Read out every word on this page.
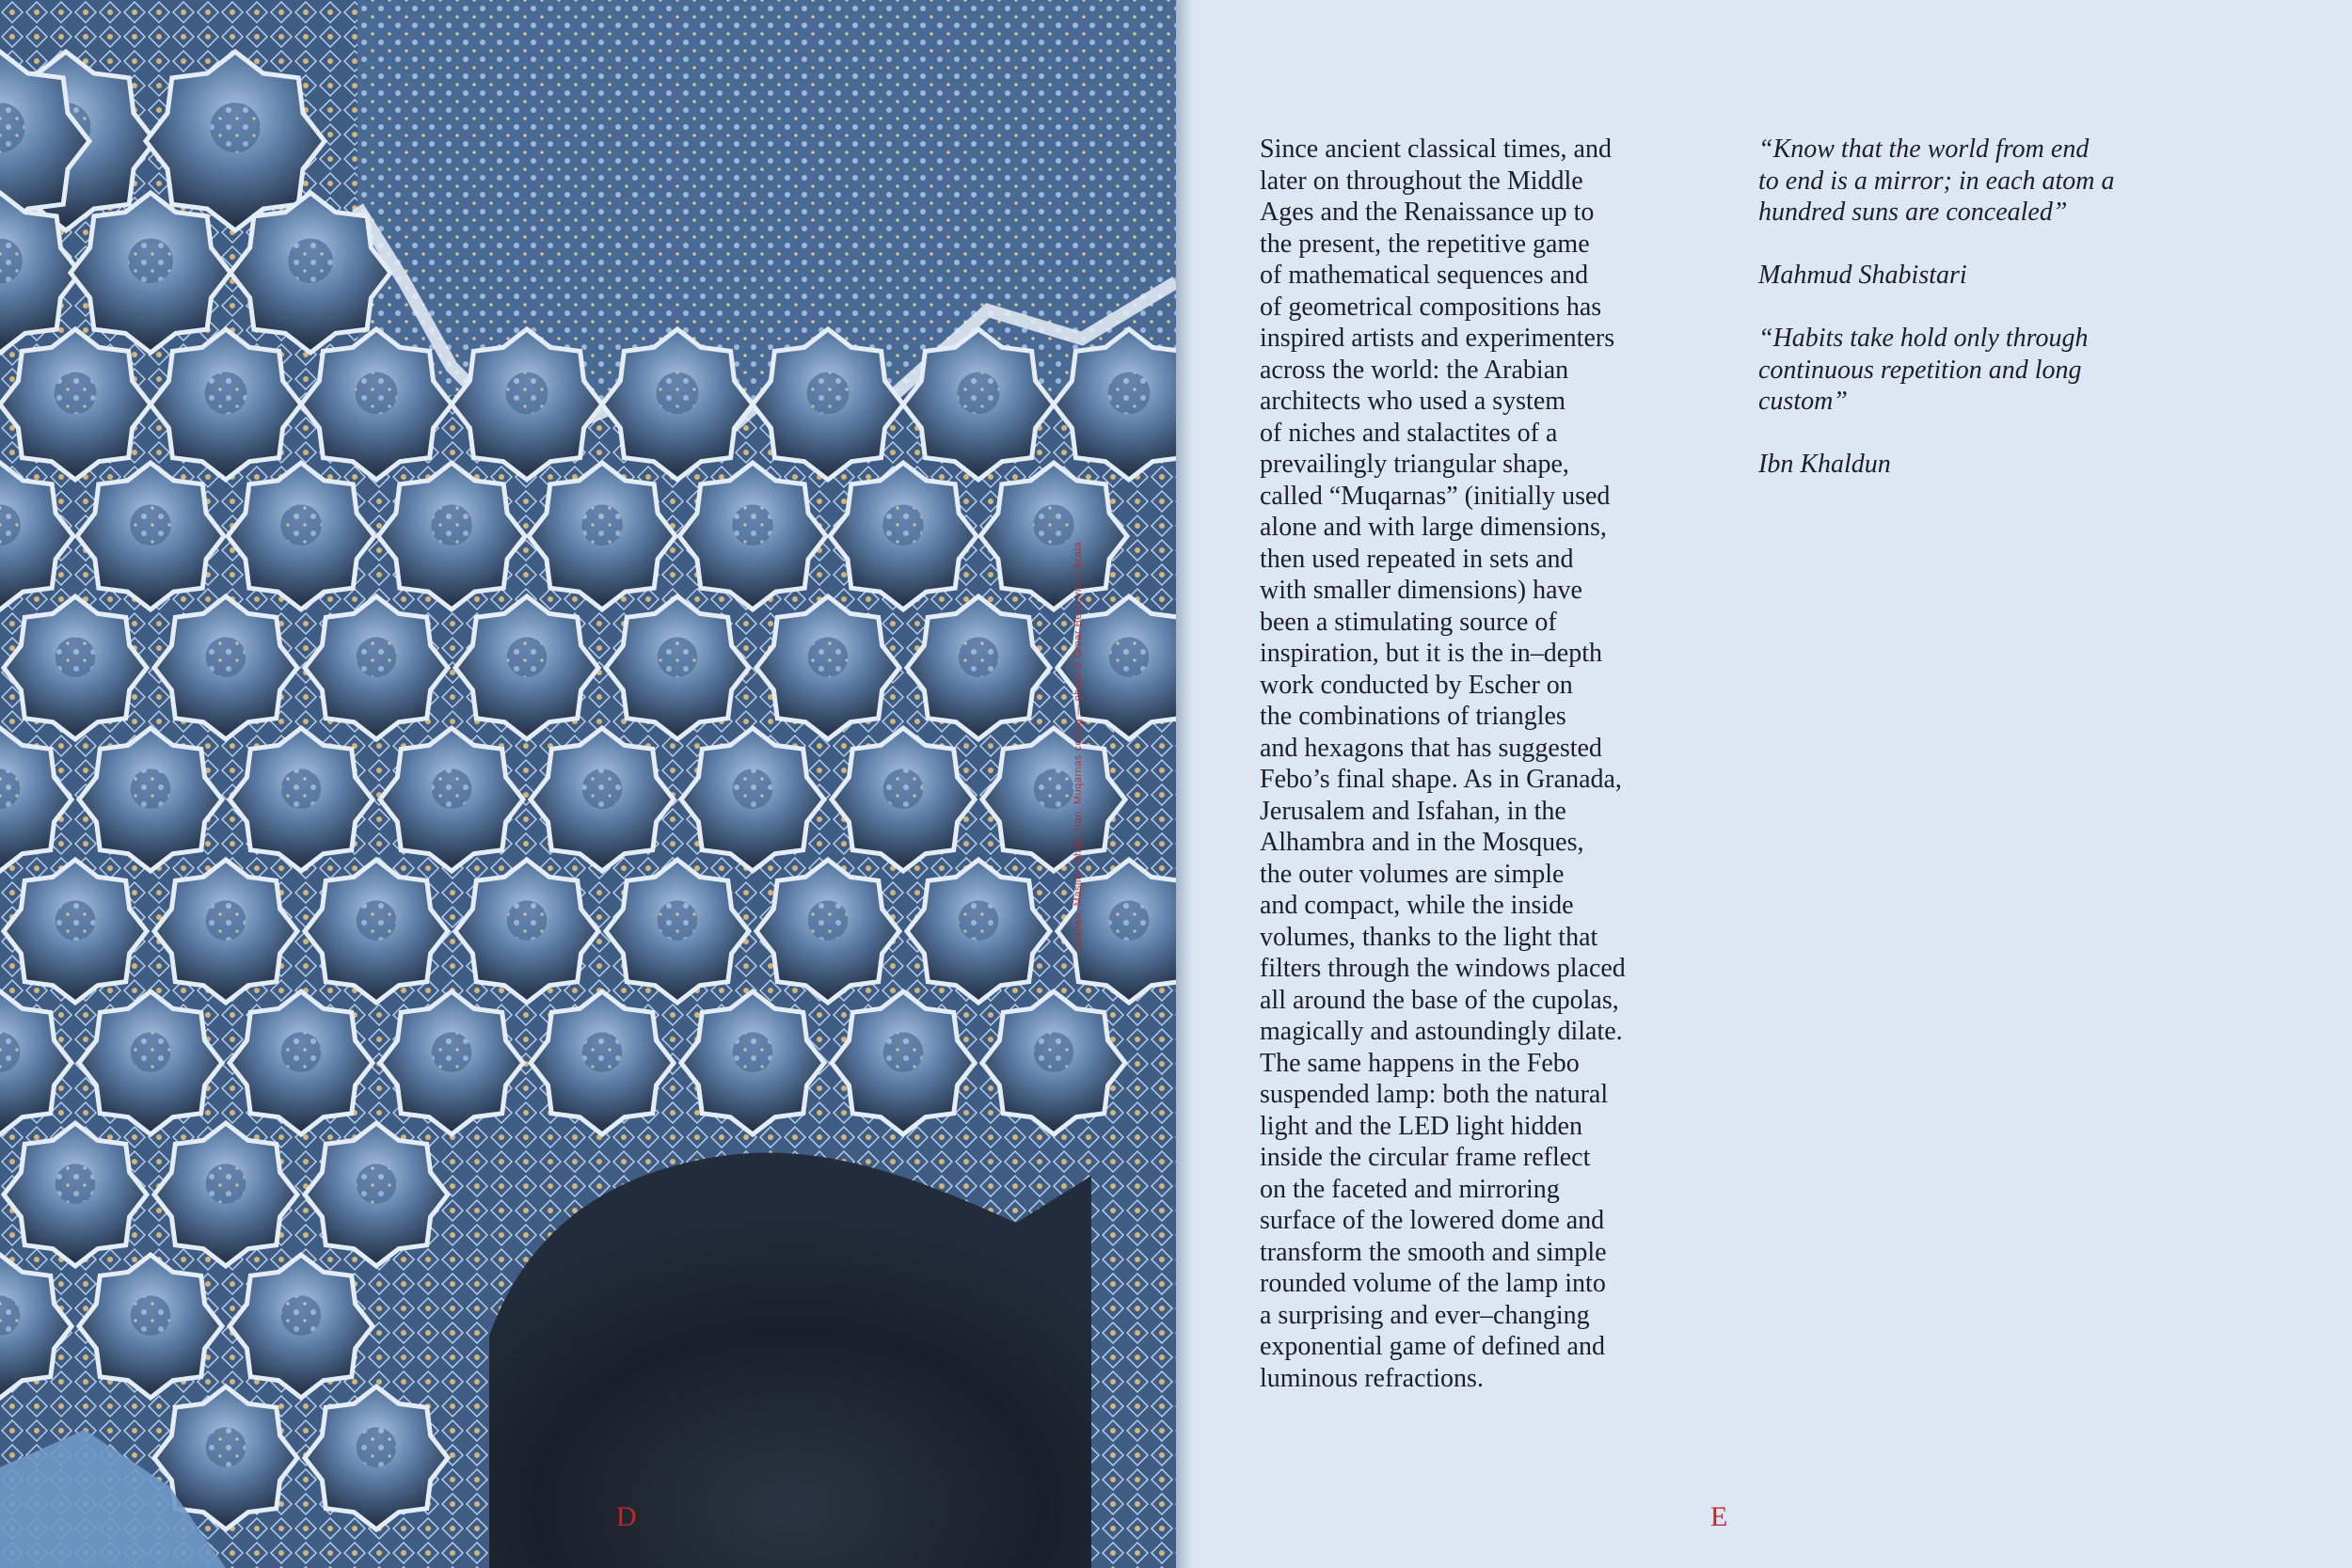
Isfahan, Masjid-i Shah, Iran. Muqarnas ceiling — photo © Omar Bercovitz / Scala
D

Since ancient classical times, and

later on throughout the Middle

Ages and the Renaissance up to

the present, the repetitive game

of mathematical sequences and

of geometrical compositions has

inspired artists and experimenters

across the world: the Arabian

architects who used a system

of niches and stalactites of a

prevailingly triangular shape,

called “Muqarnas” (initially used

alone and with large dimensions,

then used repeated in sets and

with smaller dimensions) have

been a stimulating source of

inspiration, but it is the in–depth

work conducted by Escher on

the combinations of triangles

and hexagons that has suggested

Febo’s final shape. As in Granada,

Jerusalem and Isfahan, in the

Alhambra and in the Mosques,

the outer volumes are simple

and compact, while the inside

volumes, thanks to the light that

filters through the windows placed

all around the base of the cupolas,

magically and astoundingly dilate.

The same happens in the Febo

suspended lamp: both the natural

light and the LED light hidden

inside the circular frame reflect

on the faceted and mirroring

surface of the lowered dome and

transform the smooth and simple

rounded volume of the lamp into

a surprising and ever–changing

exponential game of defined and

luminous refractions.

“Know that the world from end

to end is a mirror; in each atom a

hundred suns are concealed”

Mahmud Shabistari

“Habits take hold only through

continuous repetition and long

custom”

Ibn Khaldun

E
